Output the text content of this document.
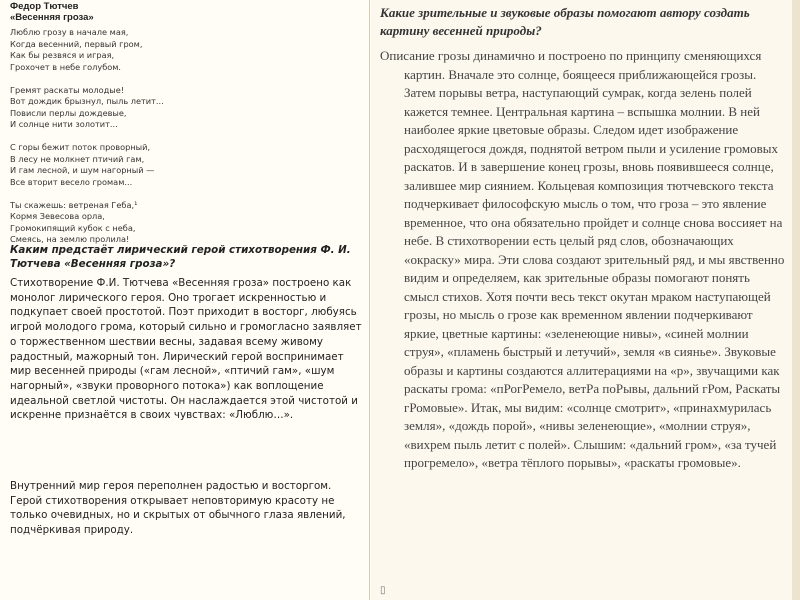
Федор Тютчев
«Весенняя гроза»
Люблю грозу в начале мая,
Когда весенний, первый гром,
Как бы резвяся и играя,
Грохочет в небе голубом.
Гремят раскаты молодые!
Вот дождик брызнул, пыль летит...
Повисли перлы дождевые,
И солнце нити золотит...
С горы бежит поток проворный,
В лесу не молкнет птичий гам,
И гам лесной, и шум нагорный —
Все вторит весело громам...
Ты скажешь: ветреная Геба,¹
Кормя Зевесова орла,
Громокипящий кубок с неба,
Смеясь, на землю пролила!
Каким предстаёт лирический герой стихотворения Ф. И. Тютчева «Весенняя гроза»?
Стихотворение Ф.И. Тютчева «Весенняя гроза» построено как монолог лирического героя. Оно трогает искренностью и подкупает своей простотой. Поэт приходит в восторг, любуясь игрой молодого грома, который сильно и громогласно заявляет о торжественном шествии весны, задавая всему живому радостный, мажорный тон. Лирический герой воспринимает мир весенней природы («гам лесной», «птичий гам», «шум нагорный», «звуки проворного потока») как воплощение идеальной светлой чистоты. Он наслаждается этой чистотой и искренне признаётся в своих чувствах: «Люблю…».
Внутренний мир героя переполнен радостью и восторгом. Герой стихотворения открывает неповторимую красоту не только очевидных, но и скрытых от обычного глаза явлений, подчёркивая природу.
Какие зрительные и звуковые образы помогают автору создать картину весенней природы?
Описание грозы динамично и построено по принципу сменяющихся картин. Вначале это солнце, боящееся приближающейся грозы. Затем порывы ветра, наступающий сумрак, когда зелень полей кажется темнее. Центральная картина – вспышка молнии. В ней наиболее яркие цветовые образы. Следом идет изображение расходящегося дождя, поднятой ветром пыли и усиление громовых раскатов. И в завершение конец грозы, вновь появившееся солнце, залившее мир сиянием. Кольцевая композиция тютчевского текста подчеркивает философскую мысль о том, что гроза – это явление временное, что она обязательно пройдет и солнце снова воссияет на небе. В стихотворении есть целый ряд слов, обозначающих «окраску» мира. Эти слова создают зрительный ряд, и мы явственно видим и определяем, как зрительные образы помогают понять смысл стихов. Хотя почти весь текст окутан мраком наступающей грозы, но мысль о грозе как временном явлении подчеркивают яркие, цветные картины: «зеленеющие нивы», «синей молнии струя», «пламень быстрый и летучий», земля «в сиянье». Звуковые образы и картины создаются аллитерациями на «р», звучащими как раскаты грома: «пРогРемело, ветРа поРывы, дальний гРом, Раскаты гРомовые». Итак, мы видим: «солнце смотрит», «принахмурилась земля», «дождь порой», «нивы зеленеющие», «молнии струя», «вихрем пыль летит с полей». Слышим: «дальний гром», «за тучей прогремело», «ветра тёплого порывы», «раскаты громовые».
▯
